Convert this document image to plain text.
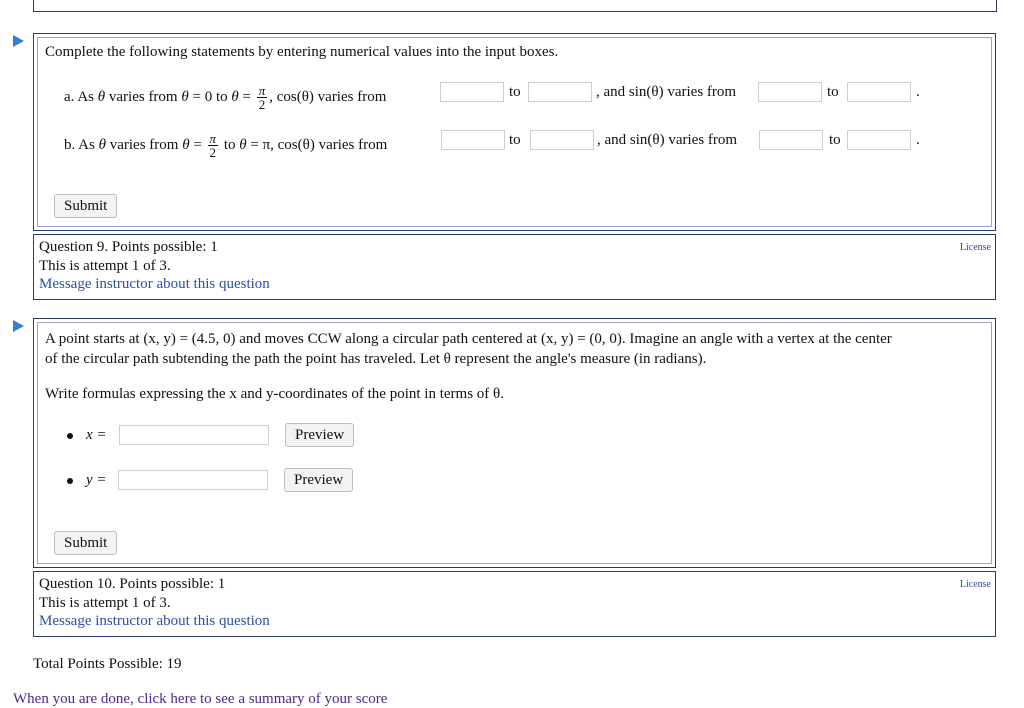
Complete the following statements by entering numerical values into the input boxes.
a. As θ varies from θ = 0 to $\theta = \frac{\pi}{2}$ , cos(θ) varies from	to	, and sin(θ) varies from	to	.
b. As θ varies from $\theta = \frac{\pi}{2}$ to θ = π, cos(θ) varies from	to	, and sin(θ) varies from	to	.
Submit
Question 9. Points possible: 1
This is attempt 1 of 3.
Message instructor about this question
License
A point starts at (x, y) = (4.5, 0) and moves CCW along a circular path centered at (x, y) = (0, 0). Imagine an angle with a vertex at the center
of the circular path subtending the path the point has traveled. Let θ represent the angle's measure (in radians).
Write formulas expressing the x and y-coordinates of the point in terms of θ.
x =	Preview
y =	Preview
Submit
Question 10. Points possible: 1
This is attempt 1 of 3.
Message instructor about this question
License
Total Points Possible: 19
When you are done, click here to see a summary of your score
